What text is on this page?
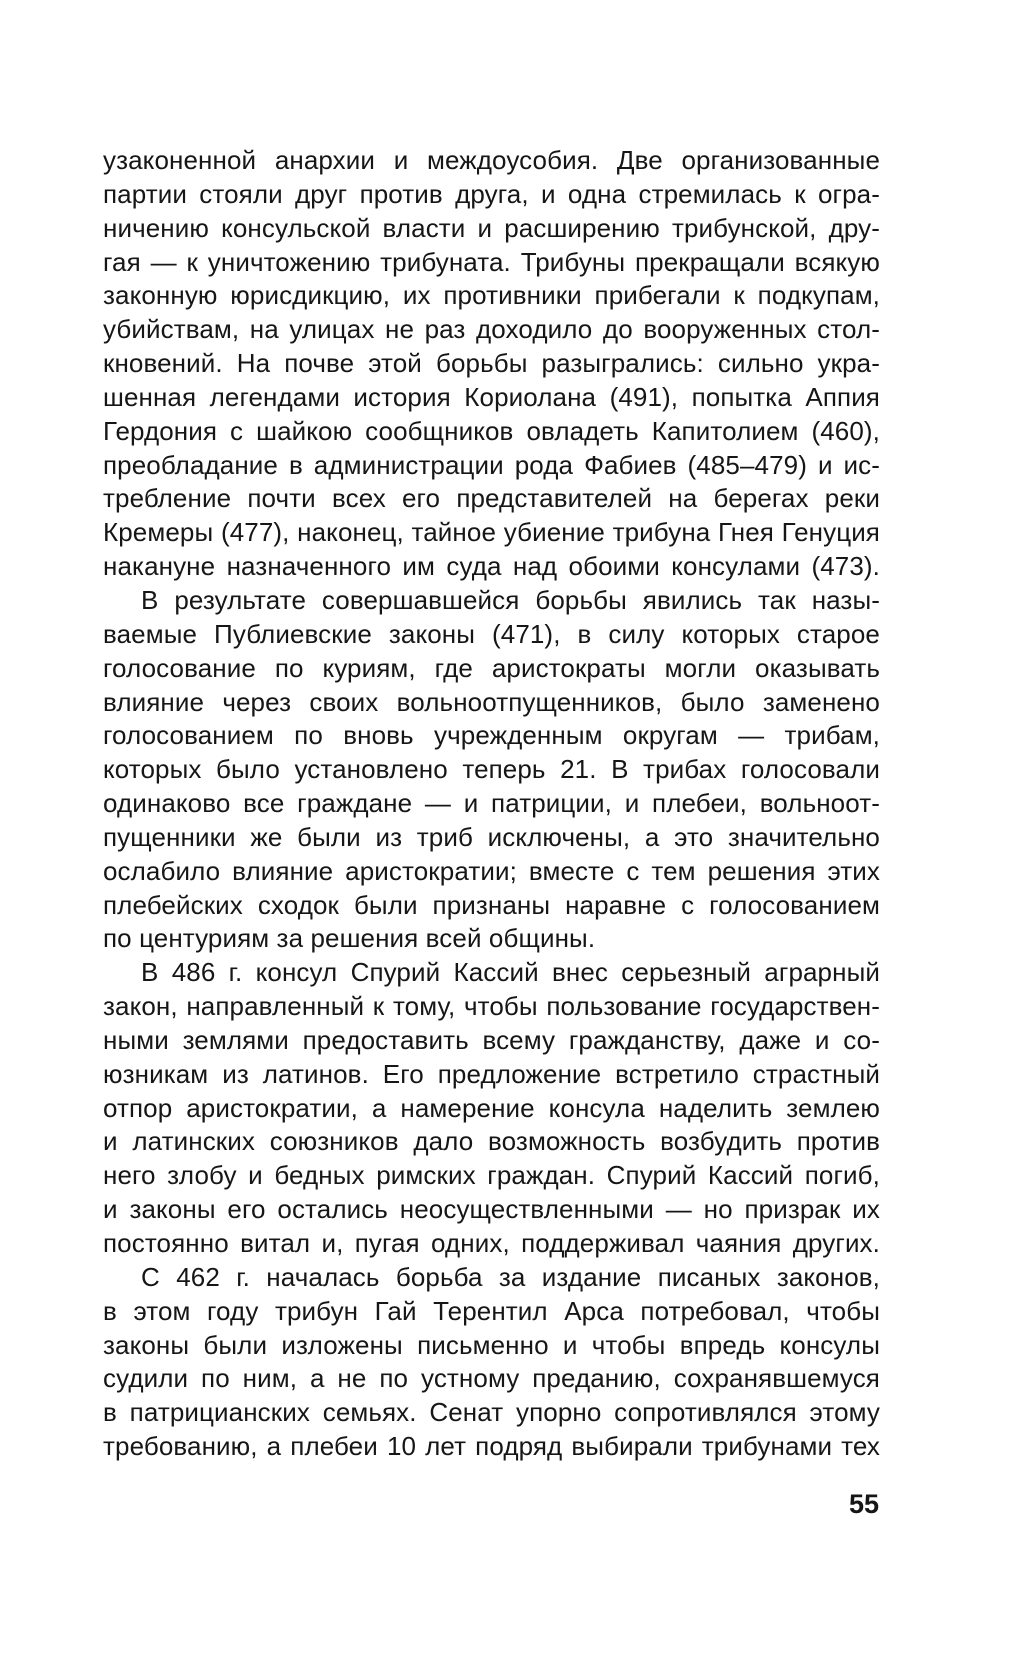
узаконенной анархии и междоусобия. Две организованные
партии стояли друг против друга, и одна стремилась к огра-
ничению консульской власти и расширению трибунской, дру-
гая — к уничтожению трибуната. Трибуны прекращали всякую
законную юрисдикцию, их противники прибегали к подкупам,
убийствам, на улицах не раз доходило до вооруженных стол-
кновений. На почве этой борьбы разыгрались: сильно укра-
шенная легендами история Кориолана (491), попытка Аппия
Гердония с шайкою сообщников овладеть Капитолием (460),
преобладание в администрации рода Фабиев (485–479) и ис-
требление почти всех его представителей на берегах реки
Кремеры (477), наконец, тайное убиение трибуна Гнея Генуция
накануне назначенного им суда над обоими консулами (473).
В результате совершавшейся борьбы явились так назы-
ваемые Публиевские законы (471), в силу которых старое
голосование по куриям, где аристократы могли оказывать
влияние через своих вольноотпущенников, было заменено
голосованием по вновь учрежденным округам — трибам,
которых было установлено теперь 21. В трибах голосовали
одинаково все граждане — и патриции, и плебеи, вольноот-
пущенники же были из триб исключены, а это значительно
ослабило влияние аристократии; вместе с тем решения этих
плебейских сходок были признаны наравне с голосованием
по центуриям за решения всей общины.
В 486 г. консул Спурий Кассий внес серьезный аграрный
закон, направленный к тому, чтобы пользование государствен-
ными землями предоставить всему гражданству, даже и со-
юзникам из латинов. Его предложение встретило страстный
отпор аристократии, а намерение консула наделить землею
и латинских союзников дало возможность возбудить против
него злобу и бедных римских граждан. Спурий Кассий погиб,
и законы его остались неосуществленными — но призрак их
постоянно витал и, пугая одних, поддерживал чаяния других.
С 462 г. началась борьба за издание писаных законов,
в этом году трибун Гай Терентил Арса потребовал, чтобы
законы были изложены письменно и чтобы впредь консулы
судили по ним, а не по устному преданию, сохранявшемуся
в патрицианских семьях. Сенат упорно сопротивлялся этому
требованию, а плебеи 10 лет подряд выбирали трибунами тех
55
